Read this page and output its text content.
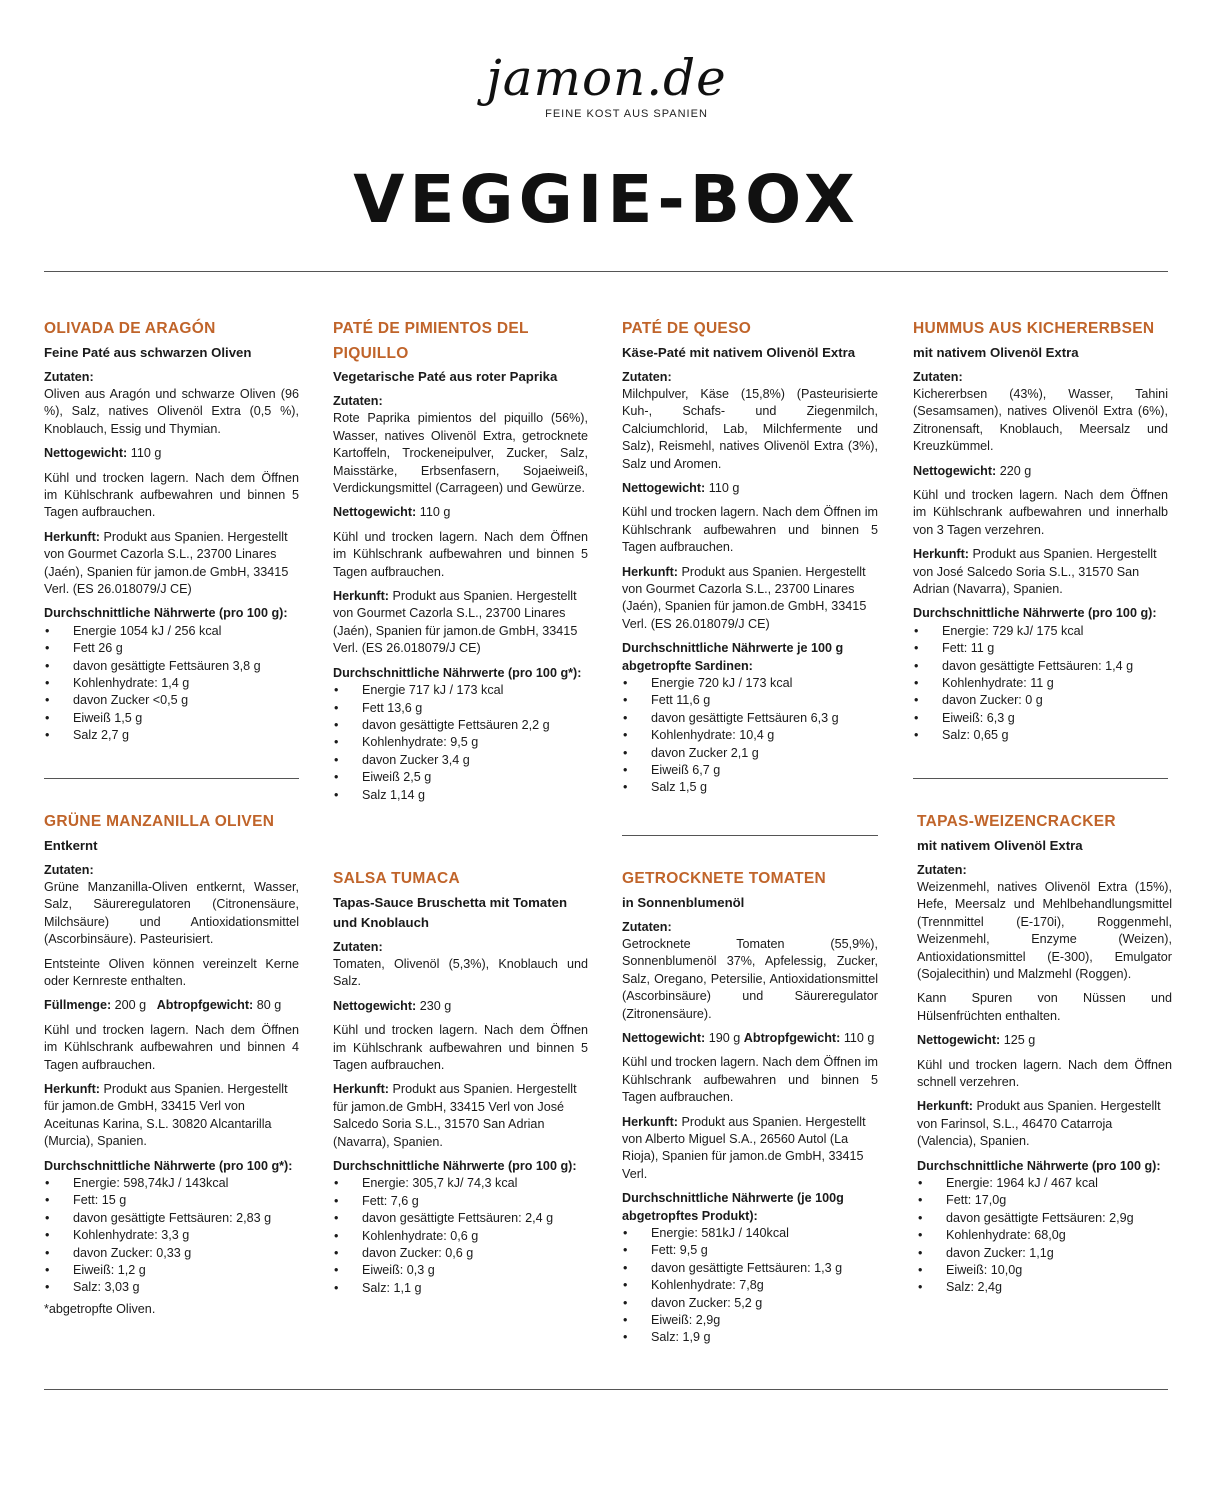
jamon.de
FEINE KOST AUS SPANIEN
VEGGIE-BOX
OLIVADA DE ARAGÓN
Feine Paté aus schwarzen Oliven
Zutaten:
Oliven aus Aragón und schwarze Oliven (96 %), Salz, natives Olivenöl Extra (0,5 %), Knoblauch, Essig und Thymian.
Nettogewicht: 110 g
Kühl und trocken lagern. Nach dem Öffnen im Kühlschrank aufbewahren und binnen 5 Tagen aufbrauchen.
Herkunft: Produkt aus Spanien. Hergestellt von Gourmet Cazorla S.L., 23700 Linares (Jaén), Spanien für jamon.de GmbH, 33415 Verl. (ES 26.018079/J CE)
Durchschnittliche Nährwerte (pro 100 g):
• Energie 1054 kJ / 256 kcal
• Fett 26 g
• davon gesättigte Fettsäuren 3,8 g
• Kohlenhydrate: 1,4 g
• davon Zucker <0,5 g
• Eiweiß 1,5 g
• Salz 2,7 g
PATÉ DE PIMIENTOS DEL PIQUILLO
Vegetarische Paté aus roter Paprika
Zutaten:
Rote Paprika pimientos del piquillo (56%), Wasser, natives Olivenöl Extra, getrocknete Kartoffeln, Trockeneipulver, Zucker, Salz, Maisstärke, Erbsenfasern, Sojaeiweiß, Verdickungsmittel (Carrageen) und Gewürze.
Nettogewicht: 110 g
Kühl und trocken lagern. Nach dem Öffnen im Kühlschrank aufbewahren und binnen 5 Tagen aufbrauchen.
Herkunft: Produkt aus Spanien. Hergestellt von Gourmet Cazorla S.L., 23700 Linares (Jaén), Spanien für jamon.de GmbH, 33415 Verl. (ES 26.018079/J CE)
Durchschnittliche Nährwerte (pro 100 g*):
• Energie 717 kJ / 173 kcal
• Fett 13,6 g
• davon gesättigte Fettsäuren 2,2 g
• Kohlenhydrate: 9,5 g
• davon Zucker 3,4 g
• Eiweiß 2,5 g
• Salz 1,14 g
PATÉ DE QUESO
Käse-Paté mit nativem Olivenöl Extra
Zutaten:
Milchpulver, Käse (15,8%) (Pasteurisierte Kuh-, Schafs- und Ziegenmilch, Calciumchlorid, Lab, Milchfermente und Salz), Reismehl, natives Olivenöl Extra (3%), Salz und Aromen.
Nettogewicht: 110 g
Kühl und trocken lagern. Nach dem Öffnen im Kühlschrank aufbewahren und binnen 5 Tagen aufbrauchen.
Herkunft: Produkt aus Spanien. Hergestellt von Gourmet Cazorla S.L., 23700 Linares (Jaén), Spanien für jamon.de GmbH, 33415 Verl. (ES 26.018079/J CE)
Durchschnittliche Nährwerte je 100 g abgetropfte Sardinen:
• Energie 720 kJ / 173 kcal
• Fett 11,6 g
• davon gesättigte Fettsäuren 6,3 g
• Kohlenhydrate: 10,4 g
• davon Zucker 2,1 g
• Eiweiß 6,7 g
• Salz 1,5 g
HUMMUS AUS KICHERERBSEN
mit nativem Olivenöl Extra
Zutaten:
Kichererbsen (43%), Wasser, Tahini (Sesamsamen), natives Olivenöl Extra (6%), Zitronensaft, Knoblauch, Meersalz und Kreuzkümmel.
Nettogewicht: 220 g
Kühl und trocken lagern. Nach dem Öffnen im Kühlschrank aufbewahren und innerhalb von 3 Tagen verzehren.
Herkunft: Produkt aus Spanien. Hergestellt von José Salcedo Soria S.L., 31570 San Adrian (Navarra), Spanien.
Durchschnittliche Nährwerte (pro 100 g):
• Energie: 729 kJ/ 175 kcal
• Fett: 11 g
• davon gesättigte Fettsäuren: 1,4 g
• Kohlenhydrate: 11 g
• davon Zucker: 0 g
• Eiweiß: 6,3 g
• Salz: 0,65 g
GRÜNE MANZANILLA OLIVEN
Entkernt
Zutaten:
Grüne Manzanilla-Oliven entkernt, Wasser, Salz, Säureregulatoren (Citronensäure, Milchsäure) und Antioxidationsmittel (Ascorbinsäure). Pasteurisiert.
Entsteinte Oliven können vereinzelt Kerne oder Kernreste enthalten.
Füllmenge: 200 g Abtropfgewicht: 80 g
Kühl und trocken lagern. Nach dem Öffnen im Kühlschrank aufbewahren und binnen 4 Tagen aufbrauchen.
Herkunft: Produkt aus Spanien. Hergestellt für jamon.de GmbH, 33415 Verl von Aceitunas Karina, S.L. 30820 Alcantarilla (Murcia), Spanien.
Durchschnittliche Nährwerte (pro 100 g*):
• Energie: 598,74kJ / 143kcal
• Fett: 15 g
• davon gesättigte Fettsäuren: 2,83 g
• Kohlenhydrate: 3,3 g
• davon Zucker: 0,33 g
• Eiweiß: 1,2 g
• Salz: 3,03 g
*abgetropfte Oliven.
SALSA TUMACA
Tapas-Sauce Bruschetta mit Tomaten und Knoblauch
Zutaten:
Tomaten, Olivenöl (5,3%), Knoblauch und Salz.
Nettogewicht: 230 g
Kühl und trocken lagern. Nach dem Öffnen im Kühlschrank aufbewahren und binnen 5 Tagen aufbrauchen.
Herkunft: Produkt aus Spanien. Hergestellt für jamon.de GmbH, 33415 Verl von José Salcedo Soria S.L., 31570 San Adrian (Navarra), Spanien.
Durchschnittliche Nährwerte (pro 100 g):
• Energie: 305,7 kJ/ 74,3 kcal
• Fett: 7,6 g
• davon gesättigte Fettsäuren: 2,4 g
• Kohlenhydrate: 0,6 g
• davon Zucker: 0,6 g
• Eiweiß: 0,3 g
• Salz: 1,1 g
GETROCKNETE TOMATEN
in Sonnenblumenöl
Zutaten:
Getrocknete Tomaten (55,9%), Sonnenblumenöl 37%, Apfelessig, Zucker, Salz, Oregano, Petersilie, Antioxidationsmittel (Ascorbinsäure) und Säureregulator (Zitronensäure).
Nettogewicht: 190 g Abtropfgewicht: 110 g
Kühl und trocken lagern. Nach dem Öffnen im Kühlschrank aufbewahren und binnen 5 Tagen aufbrauchen.
Herkunft: Produkt aus Spanien. Hergestellt von Alberto Miguel S.A., 26560 Autol (La Rioja), Spanien für jamon.de GmbH, 33415 Verl.
Durchschnittliche Nährwerte (je 100g abgetropftes Produkt):
• Energie: 581kJ / 140kcal
• Fett: 9,5 g
• davon gesättigte Fettsäuren: 1,3 g
• Kohlenhydrate: 7,8g
• davon Zucker: 5,2 g
• Eiweiß: 2,9g
• Salz: 1,9 g
TAPAS-WEIZENCRACKER
mit nativem Olivenöl Extra
Zutaten:
Weizenmehl, natives Olivenöl Extra (15%), Hefe, Meersalz und Mehlbehandlungsmittel (Trennmittel (E-170i), Roggenmehl, Weizenmehl, Enzyme (Weizen), Antioxidationsmittel (E-300), Emulgator (Sojalecithin) und Malzmehl (Roggen).
Kann Spuren von Nüssen und Hülsenfrüchten enthalten.
Nettogewicht: 125 g
Kühl und trocken lagern. Nach dem Öffnen schnell verzehren.
Herkunft: Produkt aus Spanien. Hergestellt von Farinsol, S.L., 46470 Catarroja (Valencia), Spanien.
Durchschnittliche Nährwerte (pro 100 g):
• Energie: 1964 kJ / 467 kcal
• Fett: 17,0g
• davon gesättigte Fettsäuren: 2,9g
• Kohlenhydrate: 68,0g
• davon Zucker: 1,1g
• Eiweiß: 10,0g
• Salz: 2,4g
